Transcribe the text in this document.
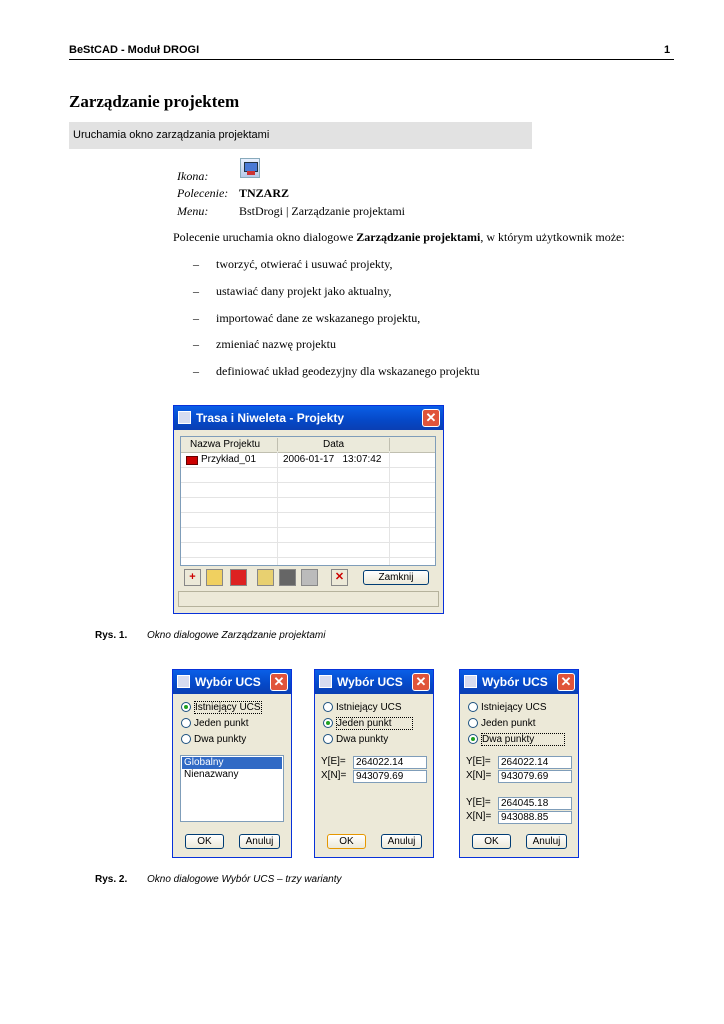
BeStCAD - Moduł DROGI	1
Zarządzanie projektem
Uruchamia okno zarządzania projektami
Ikona:
Polecenie: TNZARZ
Menu:	BstDrogi | Zarządzanie projektami
Polecenie uruchamia okno dialogowe Zarządzanie projektami, w którym użytkownik może:
– tworzyć, otwierać i usuwać projekty,
– ustawiać dany projekt jako aktualny,
– importować dane ze wskazanego projektu,
– zmieniać nazwę projektu
– definiować układ geodezyjny dla wskazanego projektu
Trasa i Niweleta - Projekty	✕
Nazwa Projektu	Data
Przykład_01	2006-01-17   13:07:42
+	✕	Zamknij
Rys. 1. Okno dialogowe Zarządzanie projektami
Wybór UCS ✕
Istniejący UCS
Jeden punkt
Dwa punkty
Globalny
Nienazwany
OK	Anuluj
Wybór UCS ✕
Istniejący UCS
Jeden punkt
Dwa punkty
Y[E]=	264022.14
X[N]= 943079.69
OK	Anuluj
Wybór UCS ✕
Istniejący UCS
Jeden punkt
Dwa punkty
Y[E]=	264022.14
X[N]= 943079.69
Y[E]=	264045.18
X[N]= 943088.85
OK	Anuluj
Rys. 2. Okno dialogowe Wybór UCS – trzy warianty
